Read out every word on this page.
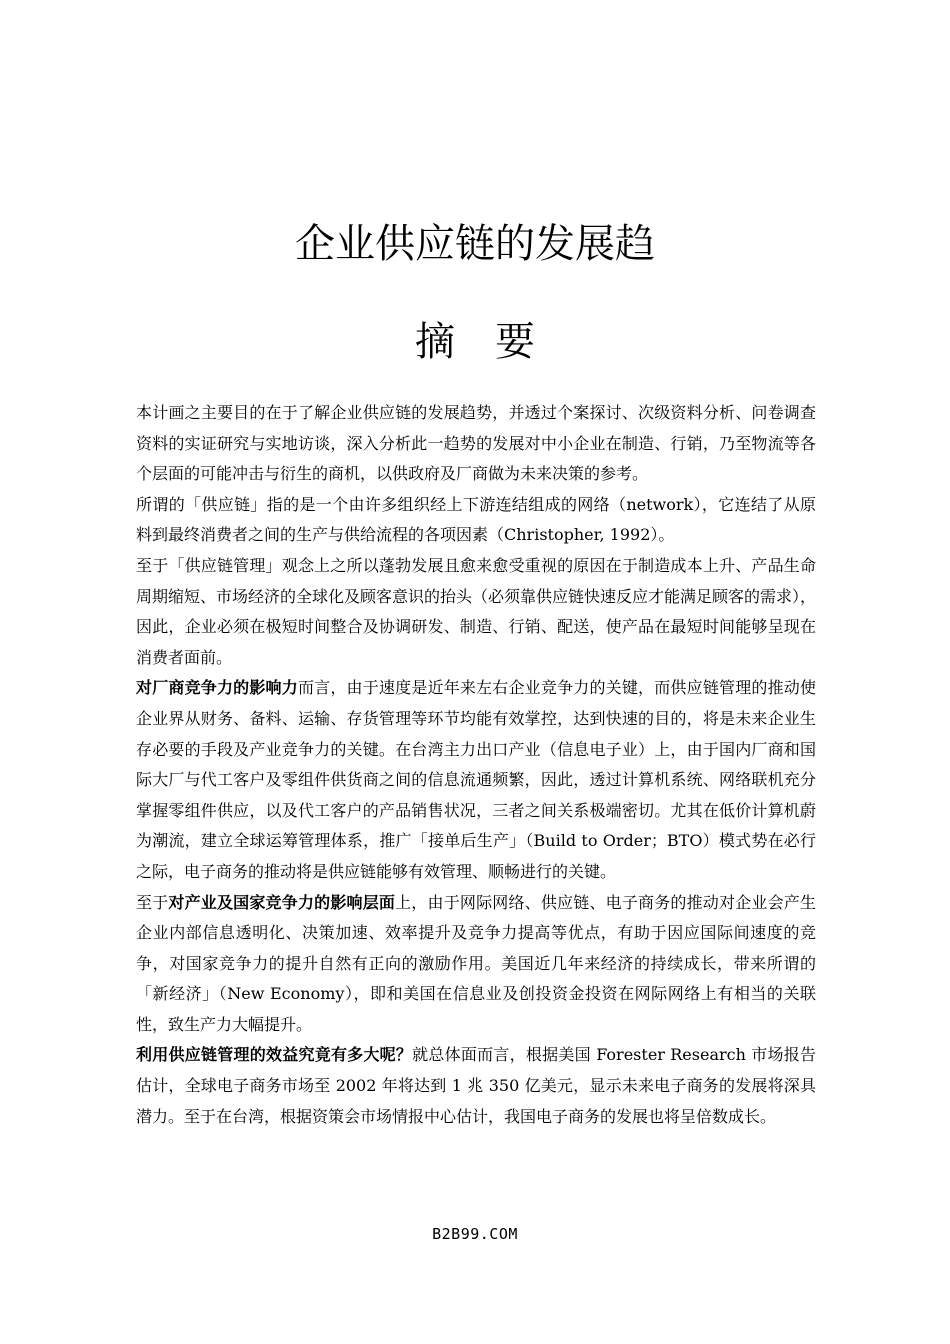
企业供应链的发展趋
摘要

本计画之主要目的在于了解企业供应链的发展趋势，并透过个案探讨、次级资料分析、问卷调查资料的实证研究与实地访谈，深入分析此一趋势的发展对中小企业在制造、行销，乃至物流等各个层面的可能冲击与衍生的商机，以供政府及厂商做为未来决策的参考。

所谓的「供应链」指的是一个由许多组织经上下游连结组成的网络（network），它连结了从原料到最终消费者之间的生产与供给流程的各项因素（Christopher, 1992）。

至于「供应链管理」观念上之所以蓬勃发展且愈来愈受重视的原因在于制造成本上升、产品生命周期缩短、市场经济的全球化及顾客意识的抬头（必须靠供应链快速反应才能满足顾客的需求），因此，企业必须在极短时间整合及协调研发、制造、行销、配送，使产品在最短时间能够呈现在消费者面前。

对厂商竞争力的影响力而言，由于速度是近年来左右企业竞争力的关键，而供应链管理的推动使企业界从财务、备料、运输、存货管理等环节均能有效掌控，达到快速的目的，将是未来企业生存必要的手段及产业竞争力的关键。在台湾主力出口产业（信息电子业）上，由于国内厂商和国际大厂与代工客户及零组件供货商之间的信息流通频繁，因此，透过计算机系统、网络联机充分掌握零组件供应，以及代工客户的产品销售状况，三者之间关系极端密切。尤其在低价计算机蔚为潮流，建立全球运筹管理体系，推广「接单后生产」（Build to Order；BTO）模式势在必行之际，电子商务的推动将是供应链能够有效管理、顺畅进行的关键。

至于对产业及国家竞争力的影响层面上，由于网际网络、供应链、电子商务的推动对企业会产生企业内部信息透明化、决策加速、效率提升及竞争力提高等优点，有助于因应国际间速度的竞争，对国家竞争力的提升自然有正向的激励作用。美国近几年来经济的持续成长，带来所谓的「新经济」（New Economy），即和美国在信息业及创投资金投资在网际网络上有相当的关联性，致生产力大幅提升。

利用供应链管理的效益究竟有多大呢？就总体面而言，根据美国 Forester Research 市场报告估计，全球电子商务市场至 2002 年将达到 1 兆 350 亿美元，显示未来电子商务的发展将深具潜力。至于在台湾，根据资策会市场情报中心估计，我国电子商务的发展也将呈倍数成长。

B2B99.COM
